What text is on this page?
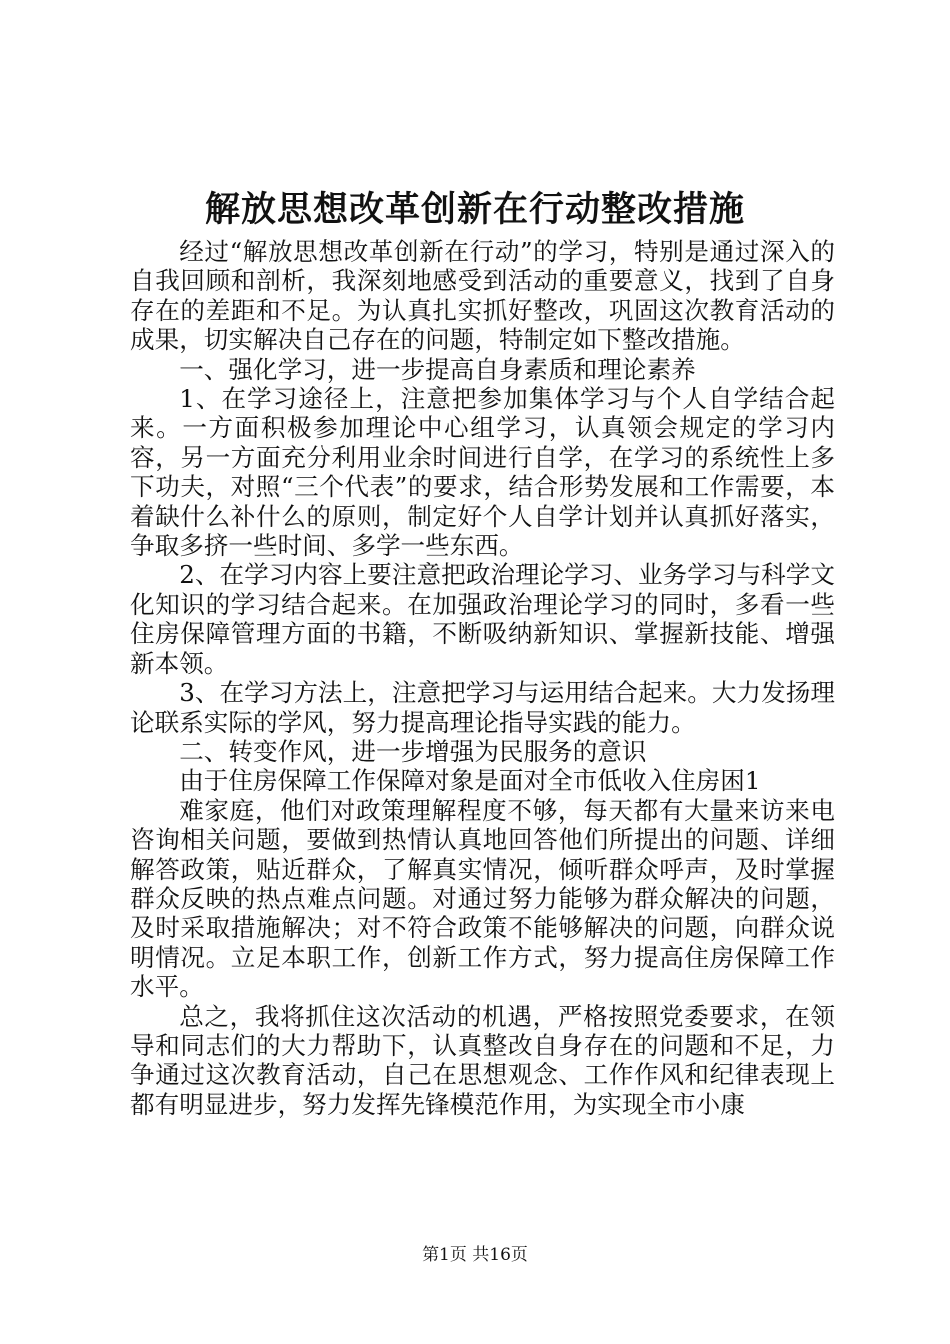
解放思想改革创新在行动整改措施

经过“解放思想改革创新在行动”的学习，特别是通过深入的自我回顾和剖析，我深刻地感受到活动的重要意义，找到了自身存在的差距和不足。为认真扎实抓好整改，巩固这次教育活动的成果，切实解决自己存在的问题，特制定如下整改措施。

一、强化学习，进一步提高自身素质和理论素养

1、在学习途径上，注意把参加集体学习与个人自学结合起来。一方面积极参加理论中心组学习，认真领会规定的学习内容，另一方面充分利用业余时间进行自学，在学习的系统性上多下功夫，对照“三个代表”的要求，结合形势发展和工作需要，本着缺什么补什么的原则，制定好个人自学计划并认真抓好落实，争取多挤一些时间、多学一些东西。

2、在学习内容上要注意把政治理论学习、业务学习与科学文化知识的学习结合起来。在加强政治理论学习的同时，多看一些住房保障管理方面的书籍，不断吸纳新知识、掌握新技能、增强新本领。

3、在学习方法上，注意把学习与运用结合起来。大力发扬理论联系实际的学风，努力提高理论指导实践的能力。

二、转变作风，进一步增强为民服务的意识

由于住房保障工作保障对象是面对全市低收入住房困1

难家庭，他们对政策理解程度不够，每天都有大量来访来电咨询相关问题，要做到热情认真地回答他们所提出的问题、详细解答政策，贴近群众，了解真实情况，倾听群众呼声，及时掌握群众反映的热点难点问题。对通过努力能够为群众解决的问题，及时采取措施解决；对不符合政策不能够解决的问题，向群众说明情况。立足本职工作，创新工作方式，努力提高住房保障工作水平。

总之，我将抓住这次活动的机遇，严格按照党委要求，在领导和同志们的大力帮助下，认真整改自身存在的问题和不足，力争通过这次教育活动，自己在思想观念、工作作风和纪律表现上都有明显进步，努力发挥先锋模范作用，为实现全市小康

第1页 共16页
